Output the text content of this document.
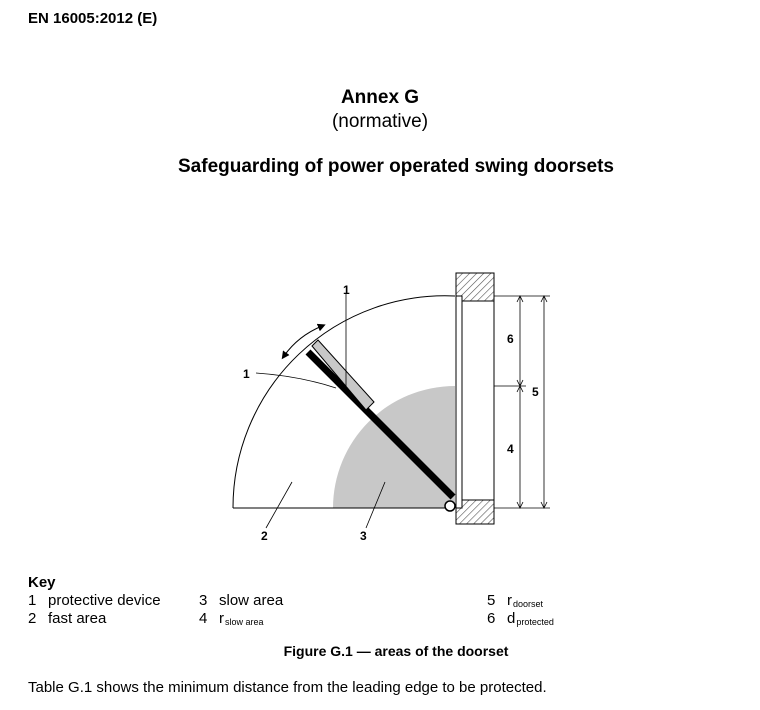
EN 16005:2012 (E)
Annex G
(normative)
Safeguarding of power operated swing doorsets
1
1
2	3
6
5
4
Key
1 protective device
2 fast area
3 slow area
4 $r_{slow area}$
5 $r_{doorset}$
6 $d_{protected}$
Figure G.1 — areas of the doorset
Table G.1 shows the minimum distance from the leading edge to be protected.
